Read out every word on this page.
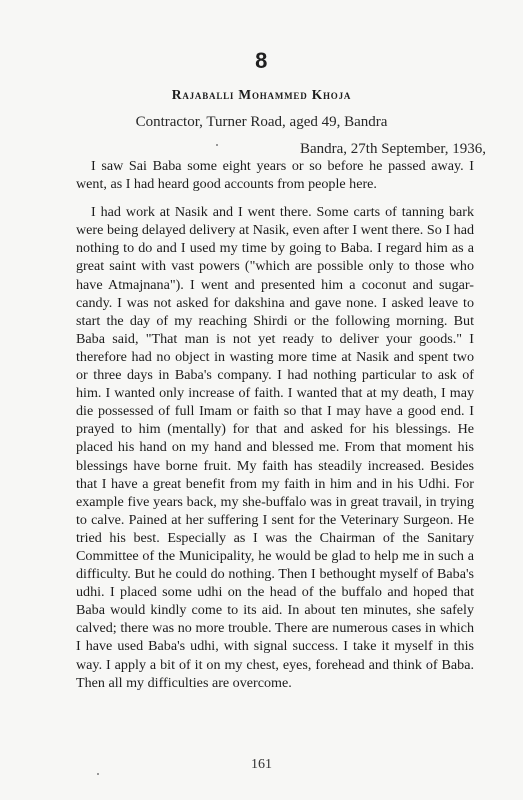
8
Rajaballi Mohammed Khoja
Contractor, Turner Road, aged 49, Bandra
Bandra, 27th September, 1936,

I saw Sai Baba some eight years or so before he passed away. I went, as I had heard good accounts from people here.

I had work at Nasik and I went there. Some carts of tanning bark were being delayed delivery at Nasik, even after I went there. So I had nothing to do and I used my time by going to Baba. I regard him as a great saint with vast powers ("which are possible only to those who have Atmajnana"). I went and presented him a coconut and sugar-candy. I was not asked for dakshina and gave none. I asked leave to start the day of my reaching Shirdi or the following morning. But Baba said, "That man is not yet ready to deliver your goods." I therefore had no object in wasting more time at Nasik and spent two or three days in Baba's company. I had nothing particular to ask of him. I wanted only increase of faith. I wanted that at my death, I may die possessed of full Imam or faith so that I may have a good end. I prayed to him (mentally) for that and asked for his blessings. He placed his hand on my hand and blessed me. From that moment his blessings have borne fruit. My faith has steadily increased. Besides that I have a great benefit from my faith in him and in his Udhi. For example five years back, my she-buffalo was in great travail, in trying to calve. Pained at her suffering I sent for the Veterinary Surgeon. He tried his best. Especially as I was the Chairman of the Sanitary Committee of the Municipality, he would be glad to help me in such a difficulty. But he could do nothing. Then I bethought myself of Baba's udhi. I placed some udhi on the head of the buffalo and hoped that Baba would kindly come to its aid. In about ten minutes, she safely calved; there was no more trouble. There are numerous cases in which I have used Baba's udhi, with signal success. I take it myself in this way. I apply a bit of it on my chest, eyes, forehead and think of Baba. Then all my difficulties are overcome.

161
